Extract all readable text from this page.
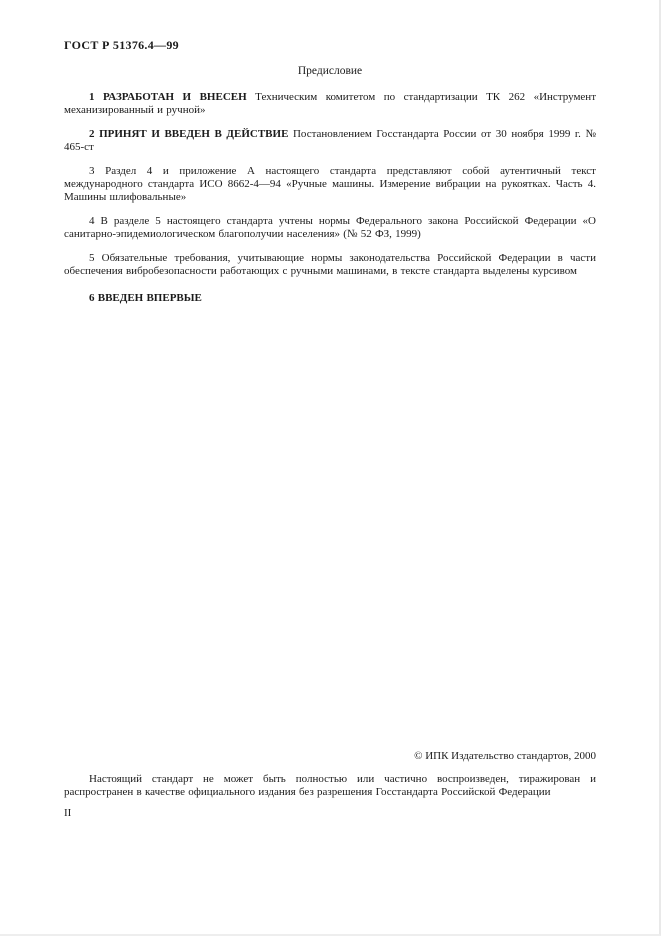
ГОСТ Р 51376.4—99
Предисловие

1 РАЗРАБОТАН И ВНЕСЕН Техническим комитетом по стандартизации ТК 262 «Инструмент механизированный и ручной»

2 ПРИНЯТ И ВВЕДЕН В ДЕЙСТВИЕ Постановлением Госстандарта России от 30 ноября 1999 г. № 465-ст

3 Раздел 4 и приложение А настоящего стандарта представляют собой аутентичный текст международного стандарта ИСО 8662-4—94 «Ручные машины. Измерение вибрации на рукоятках. Часть 4. Машины шлифовальные»

4 В разделе 5 настоящего стандарта учтены нормы Федерального закона Российской Федерации «О санитарно-эпидемиологическом благополучии населения» (№ 52 ФЗ, 1999)

5 Обязательные требования, учитывающие нормы законодательства Российской Федерации в части обеспечения вибробезопасности работающих с ручными машинами, в тексте стандарта выделены курсивом

6 ВВЕДЕН ВПЕРВЫЕ

© ИПК Издательство стандартов, 2000

Настоящий стандарт не может быть полностью или частично воспроизведен, тиражирован и распространен в качестве официального издания без разрешения Госстандарта Российской Федерации

II
